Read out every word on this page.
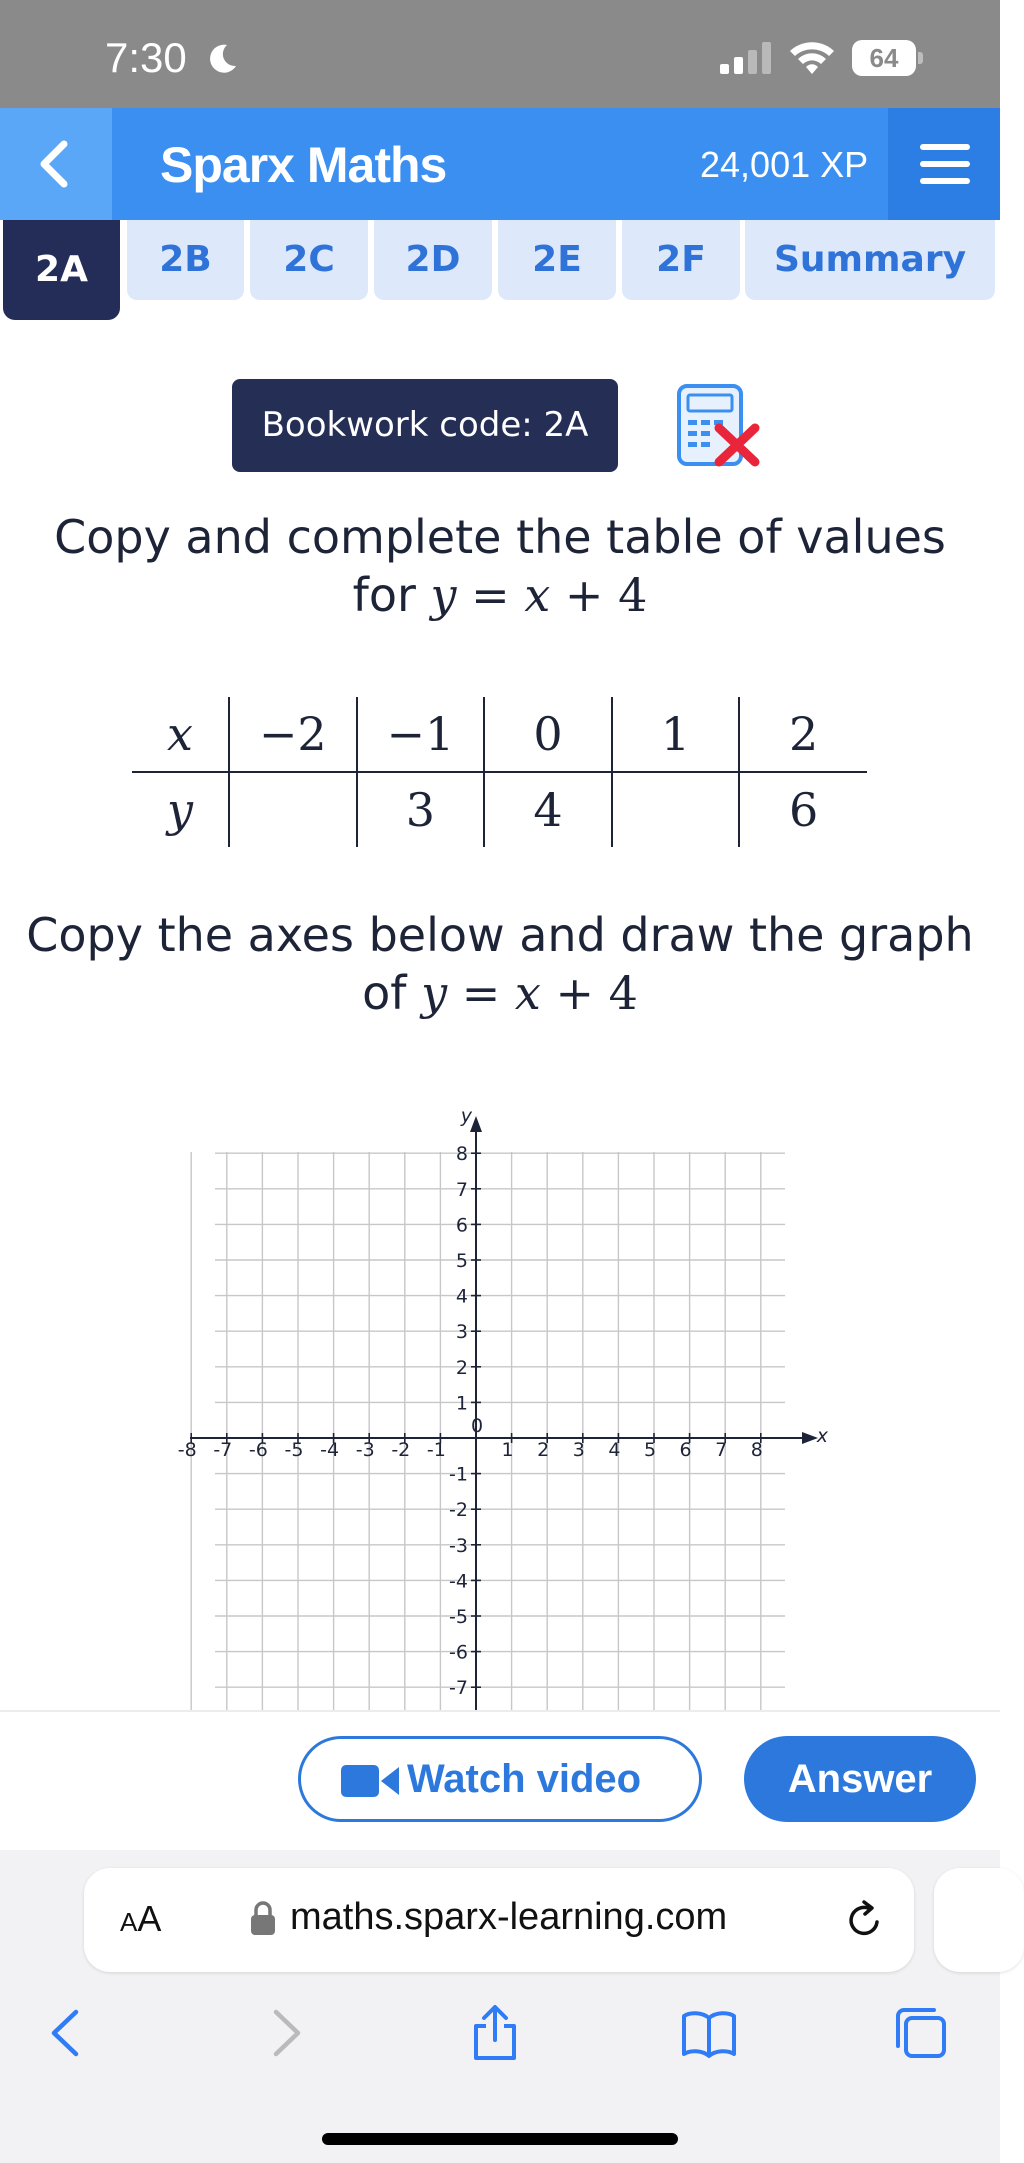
7:30	64
Sparx Maths	24,001 XP
2A	2B	2C	2D	2E	2F	Summary
Bookwork code: 2A
Copy and complete the table of values
for y = x + 4
x	−2	−1	0	1	2
y		3	4		6
Copy the axes below and draw the graph
of y = x + 4
x
y
-8 -7 -6 -5 -4 -3 -2 -1
0
1 2 3 4 5 6 7 8
8
7
6
5
4
3
2
1
-1
-2
-3
-4
-5
-6
-7
Watch video	Answer
AA	maths.sparx-learning.com
